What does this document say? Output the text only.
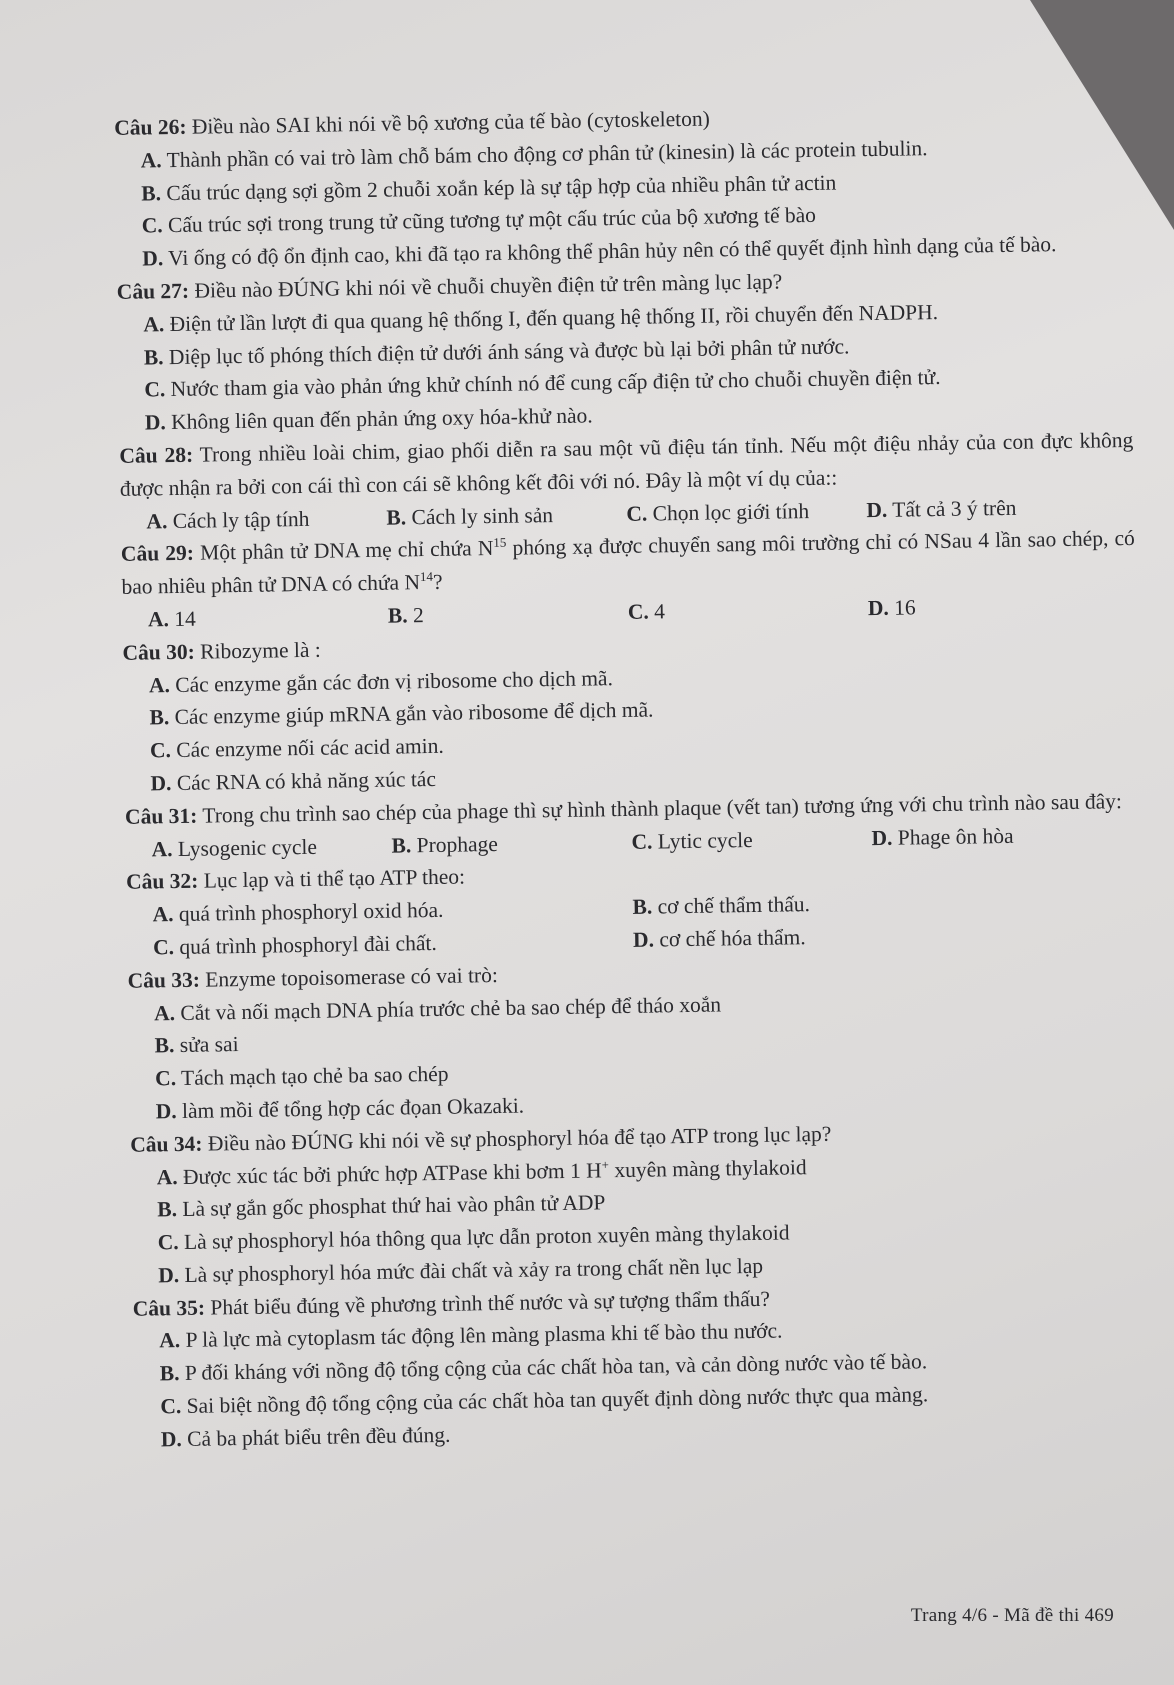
Câu 26: Điều nào SAI khi nói về bộ xương của tế bào (cytoskeleton)

A. Thành phần có vai trò làm chỗ bám cho động cơ phân tử (kinesin) là các protein tubulin.

B. Cấu trúc dạng sợi gồm 2 chuỗi xoắn kép là sự tập hợp của nhiều phân tử actin

C. Cấu trúc sợi trong trung tử cũng tương tự một cấu trúc của bộ xương tế bào

D. Vi ống có độ ổn định cao, khi đã tạo ra không thể phân hủy nên có thể quyết định hình dạng của tế bào.

Câu 27: Điều nào ĐÚNG khi nói về chuỗi chuyền điện tử trên màng lục lạp?

A. Điện tử lần lượt đi qua quang hệ thống I, đến quang hệ thống II, rồi chuyển đến NADPH.

B. Diệp lục tố phóng thích điện tử dưới ánh sáng và được bù lại bởi phân tử nước.

C. Nước tham gia vào phản ứng khử chính nó để cung cấp điện tử cho chuỗi chuyền điện tử.

D. Không liên quan đến phản ứng oxy hóa-khử nào.

Câu 28: Trong nhiều loài chim, giao phối diễn ra sau một vũ điệu tán tỉnh. Nếu một điệu nhảy của con đực không được nhận ra bởi con cái thì con cái sẽ không kết đôi với nó. Đây là một ví dụ của::

A. Cách ly tập tính	B. Cách ly sinh sản	C. Chọn lọc giới tính	D. Tất cả 3 ý trên

Câu 29: Một phân tử DNA mẹ chỉ chứa $N^{15}$ phóng xạ được chuyển sang môi trường chỉ có NSau 4 lần sao chép, có bao nhiêu phân tử DNA có chứa $N^{14}$?

A. 14	B. 2	C. 4	D. 16

Câu 30: Ribozyme là :

A. Các enzyme gắn các đơn vị ribosome cho dịch mã.

B. Các enzyme giúp mRNA gắn vào ribosome để dịch mã.

C. Các enzyme nối các acid amin.

D. Các RNA có khả năng xúc tác

Câu 31: Trong chu trình sao chép của phage thì sự hình thành plaque (vết tan) tương ứng với chu trình nào sau đây:

A. Lysogenic cycle	B. Prophage	C. Lytic cycle	D. Phage ôn hòa

Câu 32: Lục lạp và ti thể tạo ATP theo:

A. quá trình phosphoryl oxid hóa.	B. cơ chế thẩm thấu.
C. quá trình phosphoryl đài chất.	D. cơ chế hóa thẩm.

Câu 33: Enzyme topoisomerase có vai trò:

A. Cắt và nối mạch DNA phía trước chẻ ba sao chép để tháo xoắn

B. sửa sai

C. Tách mạch tạo chẻ ba sao chép

D. làm mồi để tổng hợp các đọan Okazaki.

Câu 34: Điều nào ĐÚNG khi nói về sự phosphoryl hóa để tạo ATP trong lục lạp?

A. Được xúc tác bởi phức hợp ATPase khi bơm 1 H+ xuyên màng thylakoid

B. Là sự gắn gốc phosphat thứ hai vào phân tử ADP

C. Là sự phosphoryl hóa thông qua lực dẫn proton xuyên màng thylakoid

D. Là sự phosphoryl hóa mức đài chất và xảy ra trong chất nền lục lạp

Câu 35: Phát biểu đúng về phương trình thế nước và sự tượng thẩm thấu?

A. P là lực mà cytoplasm tác động lên màng plasma khi tế bào thu nước.

B. P đối kháng với nồng độ tổng cộng của các chất hòa tan, và cản dòng nước vào tế bào.

C. Sai biệt nồng độ tổng cộng của các chất hòa tan quyết định dòng nước thực qua màng.

D. Cả ba phát biểu trên đều đúng.

Trang 4/6 - Mã đề thi 469
